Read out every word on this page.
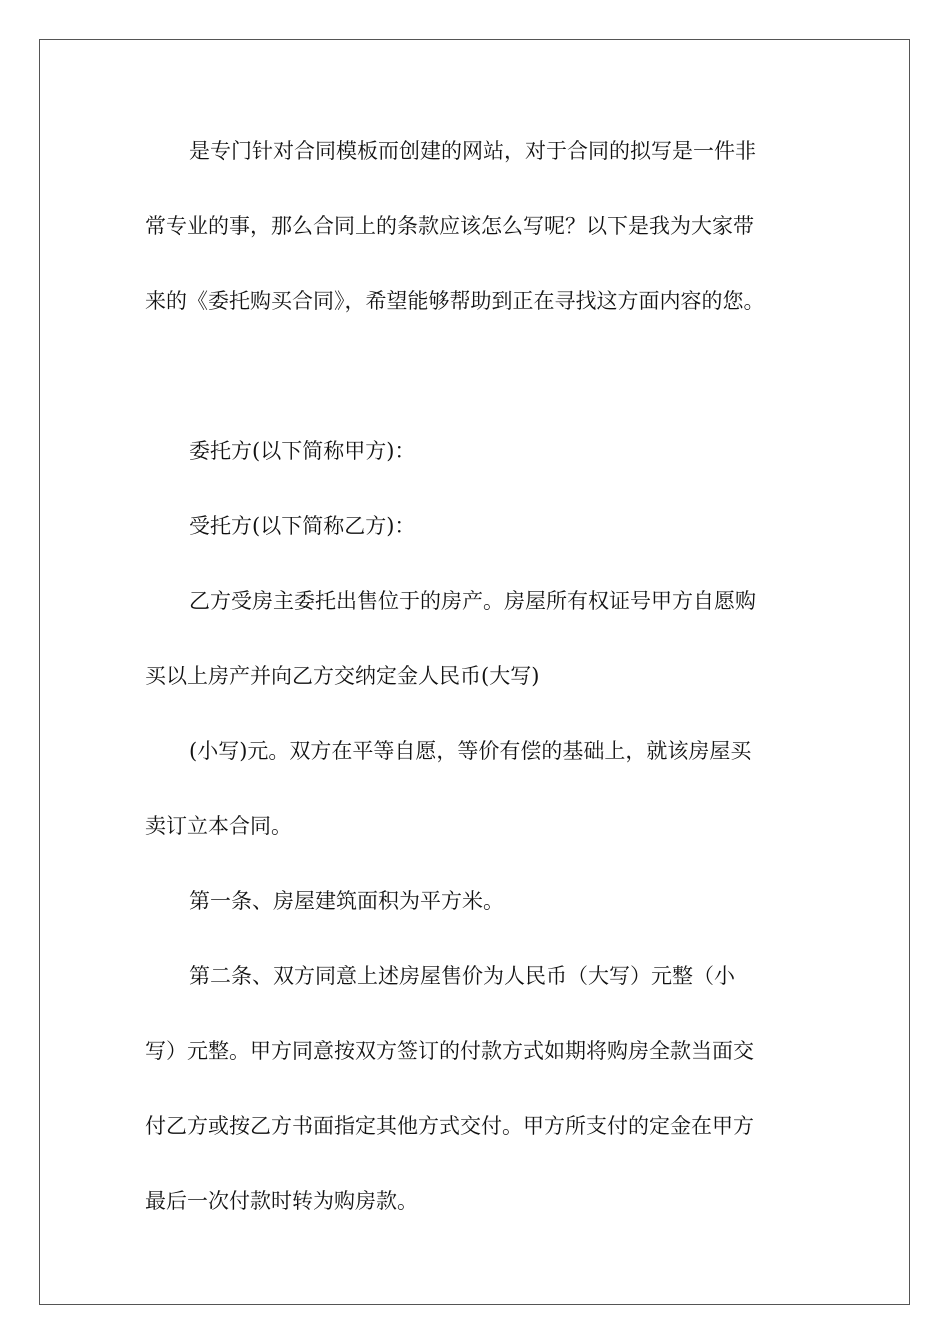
是专门针对合同模板而创建的网站，对于合同的拟写是一件非

常专业的事，那么合同上的条款应该怎么写呢？以下是我为大家带

来的《委托购买合同》，希望能够帮助到正在寻找这方面内容的您。

委托方(以下简称甲方)：

受托方(以下简称乙方)：

乙方受房主委托出售位于的房产。房屋所有权证号甲方自愿购

买以上房产并向乙方交纳定金人民币(大写)

(小写)元。双方在平等自愿，等价有偿的基础上，就该房屋买

卖订立本合同。

第一条、房屋建筑面积为平方米。

第二条、双方同意上述房屋售价为人民币（大写）元整（小

写）元整。甲方同意按双方签订的付款方式如期将购房全款当面交

付乙方或按乙方书面指定其他方式交付。甲方所支付的定金在甲方

最后一次付款时转为购房款。
